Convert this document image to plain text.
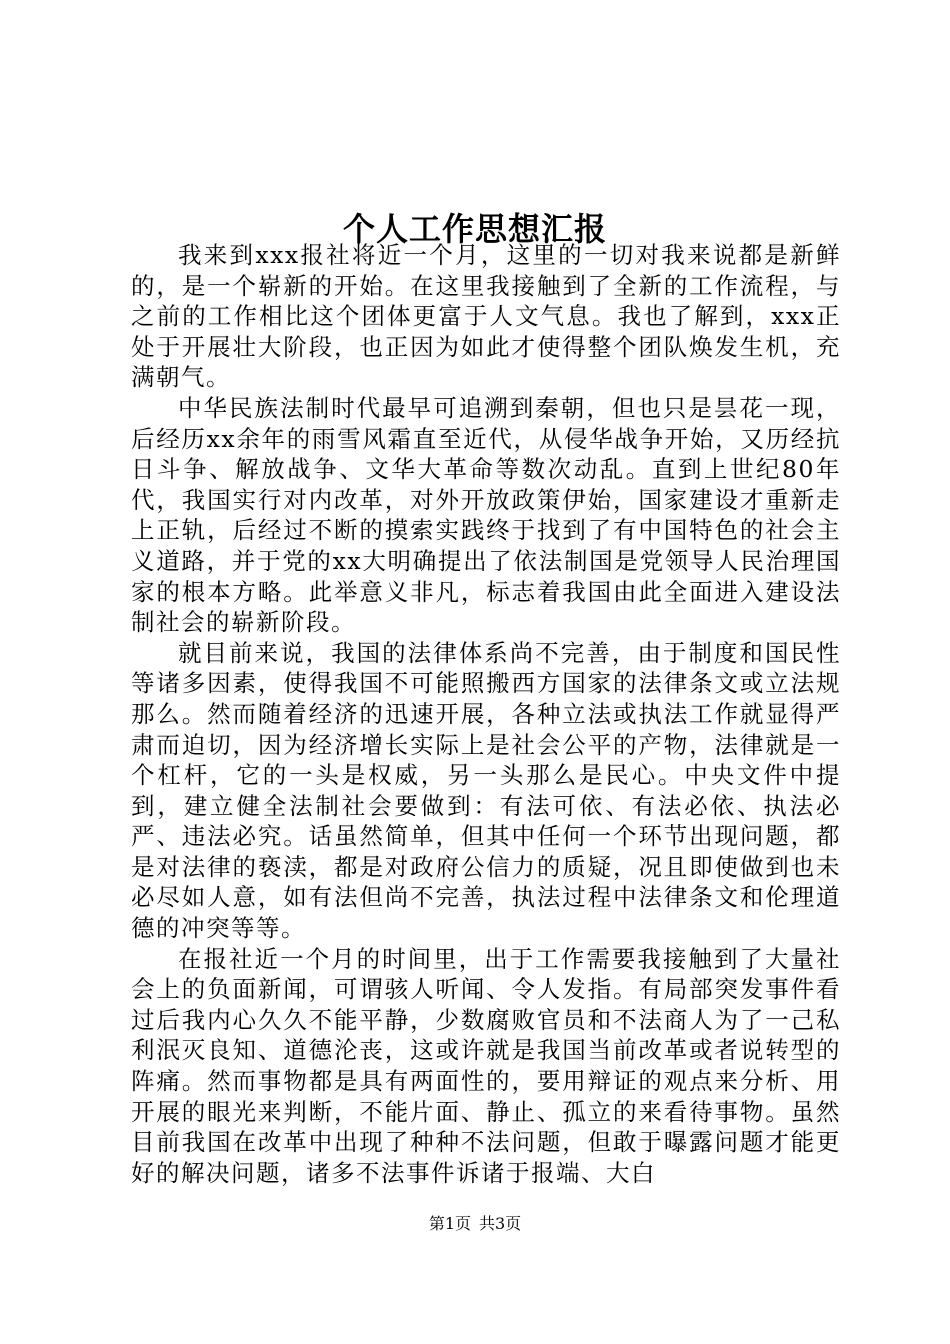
个人工作思想汇报

我来到xxx报社将近一个月，这里的一切对我来说都是新鲜的，是一个崭新的开始。在这里我接触到了全新的工作流程，与之前的工作相比这个团体更富于人文气息。我也了解到，xxx正处于开展壮大阶段，也正因为如此才使得整个团队焕发生机，充满朝气。

中华民族法制时代最早可追溯到秦朝，但也只是昙花一现，后经历xx余年的雨雪风霜直至近代，从侵华战争开始，又历经抗日斗争、解放战争、文华大革命等数次动乱。直到上世纪80年代，我国实行对内改革，对外开放政策伊始，国家建设才重新走上正轨，后经过不断的摸索实践终于找到了有中国特色的社会主义道路，并于党的xx大明确提出了依法制国是党领导人民治理国家的根本方略。此举意义非凡，标志着我国由此全面进入建设法制社会的崭新阶段。

就目前来说，我国的法律体系尚不完善，由于制度和国民性等诸多因素，使得我国不可能照搬西方国家的法律条文或立法规那么。然而随着经济的迅速开展，各种立法或执法工作就显得严肃而迫切，因为经济增长实际上是社会公平的产物，法律就是一个杠杆，它的一头是权威，另一头那么是民心。中央文件中提到，建立健全法制社会要做到：有法可依、有法必依、执法必严、违法必究。话虽然简单，但其中任何一个环节出现问题，都是对法律的亵渎，都是对政府公信力的质疑，况且即使做到也未必尽如人意，如有法但尚不完善，执法过程中法律条文和伦理道德的冲突等等。

在报社近一个月的时间里，出于工作需要我接触到了大量社会上的负面新闻，可谓骇人听闻、令人发指。有局部突发事件看过后我内心久久不能平静，少数腐败官员和不法商人为了一己私利泯灭良知、道德沦丧，这或许就是我国当前改革或者说转型的阵痛。然而事物都是具有两面性的，要用辩证的观点来分析、用开展的眼光来判断，不能片面、静止、孤立的来看待事物。虽然目前我国在改革中出现了种种不法问题，但敢于曝露问题才能更好的解决问题，诸多不法事件诉诸于报端、大白

第1页 共3页
